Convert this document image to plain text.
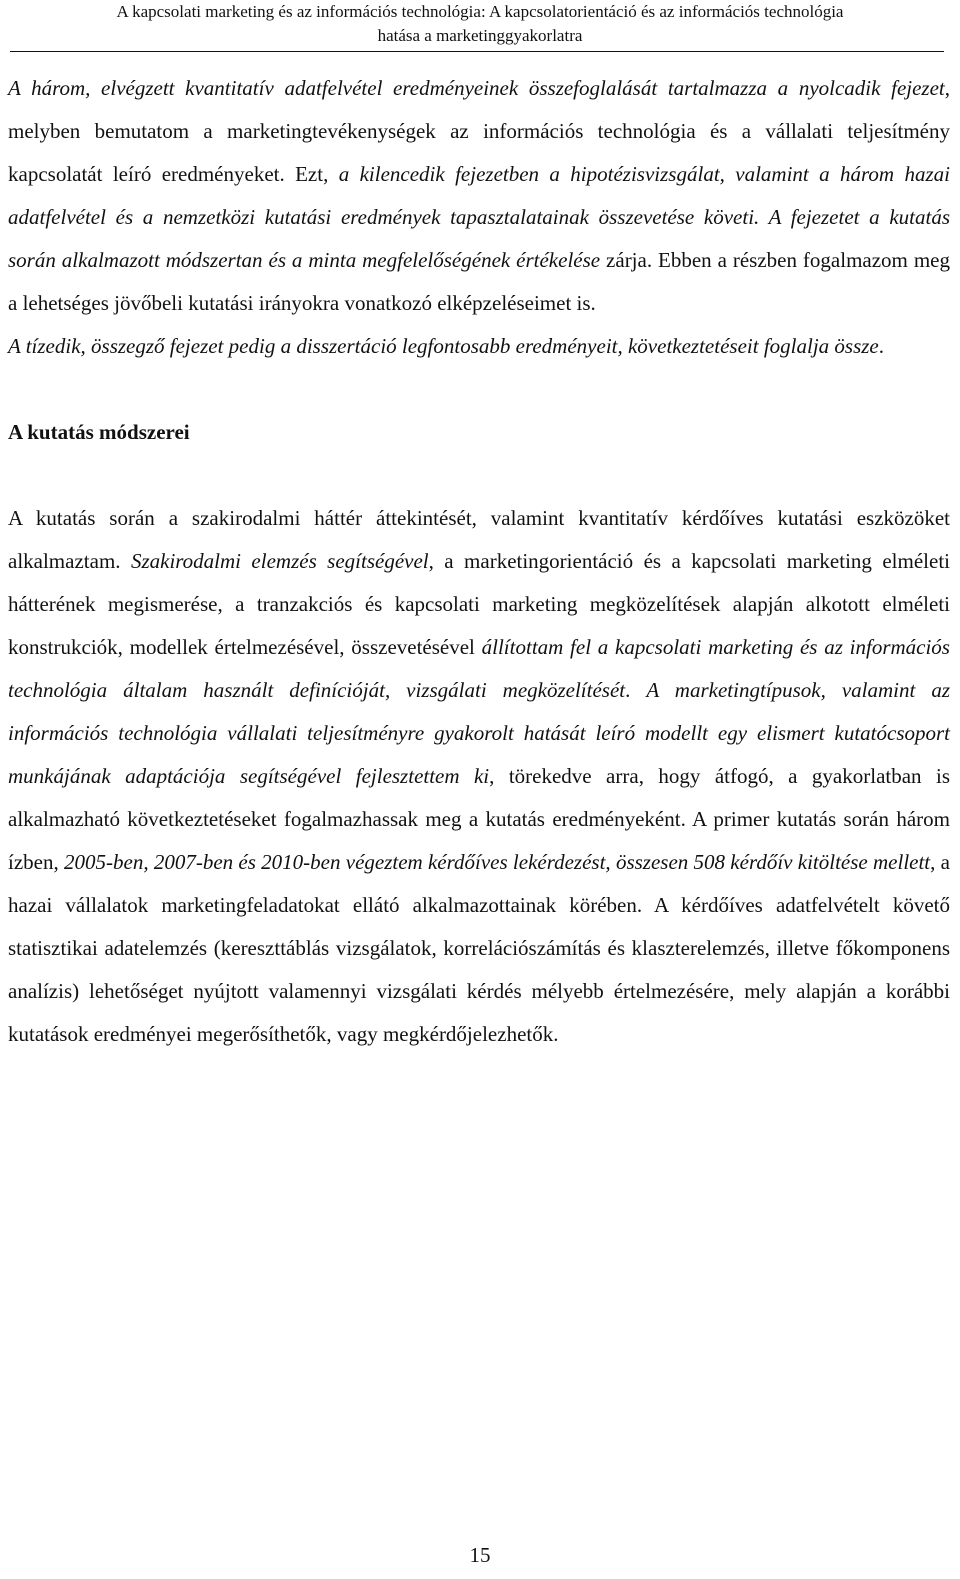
A kapcsolati marketing és az információs technológia: A kapcsolatorientáció és az információs technológia
hatása a marketinggyakorlatra

A három, elvégzett kvantitatív adatfelvétel eredményeinek összefoglalását tartalmazza a nyolcadik fejezet, melyben bemutatom a marketingtevékenységek az információs technológia és a vállalati teljesítmény kapcsolatát leíró eredményeket. Ezt, a kilencedik fejezetben a hipotézisvizsgálat, valamint a három hazai adatfelvétel és a nemzetközi kutatási eredmények tapasztalatainak összevetése követi. A fejezetet a kutatás során alkalmazott módszertan és a minta megfelelőségének értékelése zárja. Ebben a részben fogalmazom meg a lehetséges jövőbeli kutatási irányokra vonatkozó elképzeléseimet is.

A tízedik, összegző fejezet pedig a disszertáció legfontosabb eredményeit, következtetéseit foglalja össze.

A kutatás módszerei

A kutatás során a szakirodalmi háttér áttekintését, valamint kvantitatív kérdőíves kutatási eszközöket alkalmaztam. Szakirodalmi elemzés segítségével, a marketingorientáció és a kapcsolati marketing elméleti hátterének megismerése, a tranzakciós és kapcsolati marketing megközelítések alapján alkotott elméleti konstrukciók, modellek értelmezésével, összevetésével állítottam fel a kapcsolati marketing és az információs technológia általam használt definícióját, vizsgálati megközelítését. A marketingtípusok, valamint az információs technológia vállalati teljesítményre gyakorolt hatását leíró modellt egy elismert kutatócsoport munkájának adaptációja segítségével fejlesztettem ki, törekedve arra, hogy átfogó, a gyakorlatban is alkalmazható következtetéseket fogalmazhassak meg a kutatás eredményeként. A primer kutatás során három ízben, 2005-ben, 2007-ben és 2010-ben végeztem kérdőíves lekérdezést, összesen 508 kérdőív kitöltése mellett, a hazai vállalatok marketingfeladatokat ellátó alkalmazottainak körében. A kérdőíves adatfelvételt követő statisztikai adatelemzés (kereszttáblás vizsgálatok, korrelációszámítás és klaszterelemzés, illetve főkomponens analízis) lehetőséget nyújtott valamennyi vizsgálati kérdés mélyebb értelmezésére, mely alapján a korábbi kutatások eredményei megerősíthetők, vagy megkérdőjelezhetők.

15
